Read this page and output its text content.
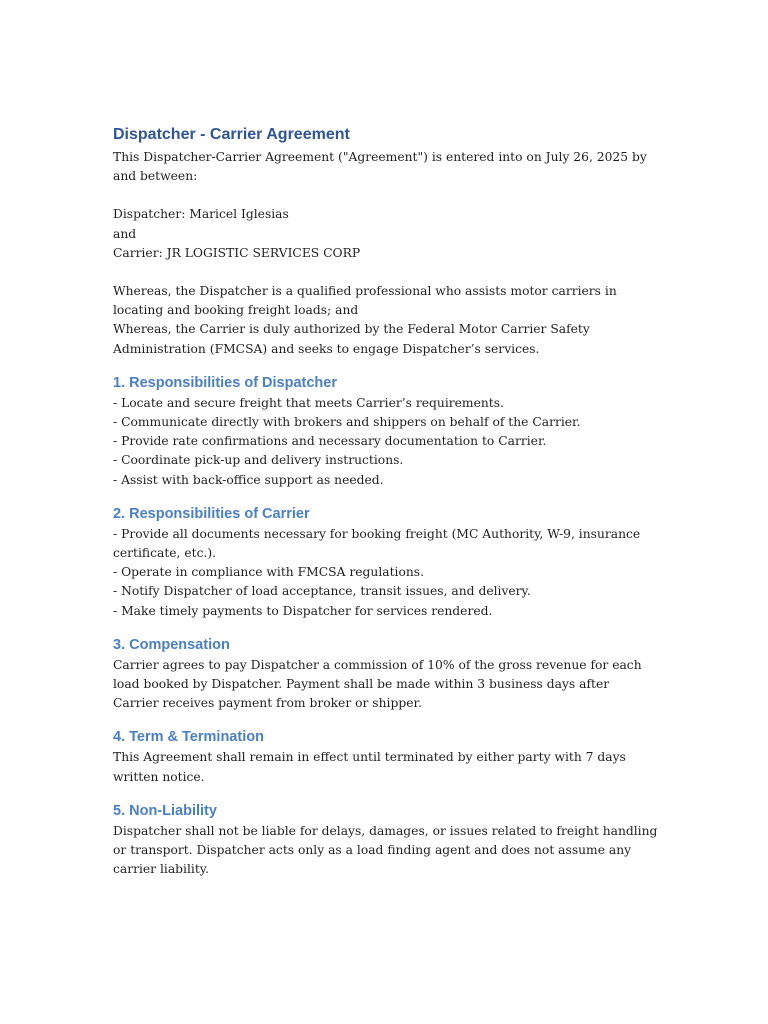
Dispatcher - Carrier Agreement

This Dispatcher-Carrier Agreement ("Agreement") is entered into on July 26, 2025 by and between:

Dispatcher: Maricel Iglesias
and
Carrier: JR LOGISTIC SERVICES CORP

Whereas, the Dispatcher is a qualified professional who assists motor carriers in locating and booking freight loads; and

Whereas, the Carrier is duly authorized by the Federal Motor Carrier Safety Administration (FMCSA) and seeks to engage Dispatcher’s services.

1. Responsibilities of Dispatcher
- Locate and secure freight that meets Carrier’s requirements.
- Communicate directly with brokers and shippers on behalf of the Carrier.
- Provide rate confirmations and necessary documentation to Carrier.
- Coordinate pick-up and delivery instructions.
- Assist with back-office support as needed.
2. Responsibilities of Carrier
- Provide all documents necessary for booking freight (MC Authority, W-9, insurance certificate, etc.).
- Operate in compliance with FMCSA regulations.
- Notify Dispatcher of load acceptance, transit issues, and delivery.
- Make timely payments to Dispatcher for services rendered.
3. Compensation

Carrier agrees to pay Dispatcher a commission of 10% of the gross revenue for each load booked by Dispatcher. Payment shall be made within 3 business days after Carrier receives payment from broker or shipper.

4. Term & Termination

This Agreement shall remain in effect until terminated by either party with 7 days written notice.

5. Non-Liability

Dispatcher shall not be liable for delays, damages, or issues related to freight handling or transport. Dispatcher acts only as a load finding agent and does not assume any carrier liability.
